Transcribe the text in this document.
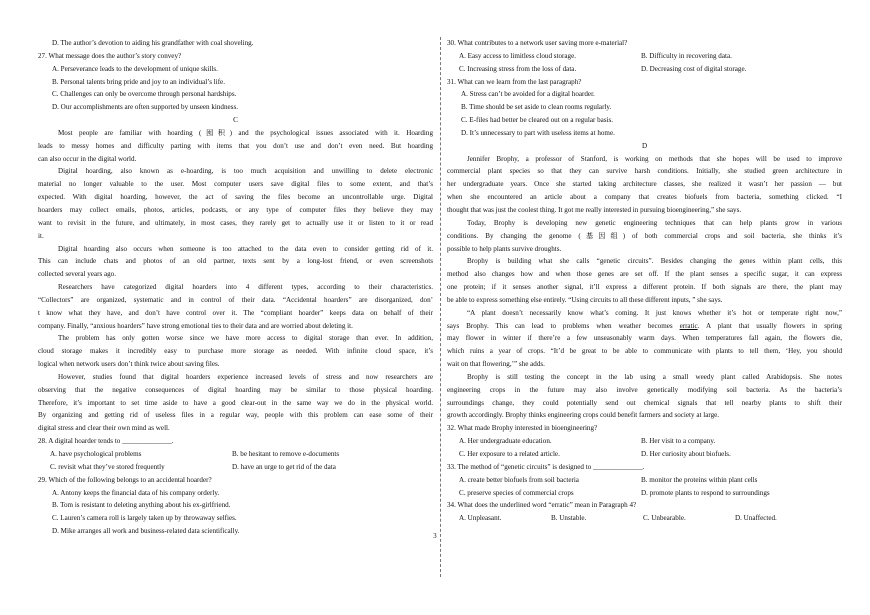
D. The author’s devotion to aiding his grandfather with coal shoveling.
27. What message does the author’s story convey?
A. Perseverance leads to the development of unique skills.
B. Personal talents bring pride and joy to an individual’s life.
C. Challenges can only be overcome through personal hardships.
D. Our accomplishments are often supported by unseen kindness.
C
Most people are familiar with hoarding (囤积) and the psychological issues associated with it. Hoarding
leads to messy homes and difficulty parting with items that you don’t use and don’t even need. But hoarding
can also occur in the digital world.
Digital hoarding, also known as e-hoarding, is too much acquisition and unwilling to delete electronic
material no longer valuable to the user. Most computer users save digital files to some extent, and that’s
expected. With digital hoarding, however, the act of saving the files become an uncontrollable urge. Digital
hoarders may collect emails, photos, articles, podcasts, or any type of computer files they believe they may
want to revisit in the future, and ultimately, in most cases, they rarely get to actually use it or listen to it or read
it.
Digital hoarding also occurs when someone is too attached to the data even to consider getting rid of it.
This can include chats and photos of an old partner, texts sent by a long-lost friend, or even screenshots
collected several years ago.
Researchers have categorized digital hoarders into 4 different types, according to their characteristics.
“Collectors” are organized, systematic and in control of their data. “Accidental hoarders” are disorganized, don’
t know what they have, and don’t have control over it. The “compliant hoarder” keeps data on behalf of their
company. Finally, “anxious hoarders” have strong emotional ties to their data and are worried about deleting it.
The problem has only gotten worse since we have more access to digital storage than ever. In addition,
cloud storage makes it incredibly easy to purchase more storage as needed. With infinite cloud space, it’s
logical when network users don’t think twice about saving files.
However, studies found that digital hoarders experience increased levels of stress and now researchers are
observing that the negative consequences of digital hoarding may be similar to those physical hoarding.
Therefore, it’s important to set time aside to have a good clear-out in the same way we do in the physical world.
By organizing and getting rid of useless files in a regular way, people with this problem can ease some of their
digital stress and clear their own mind as well.
28. A digital hoarder tends to ______________.
A. have psychological problems	B. be hesitant to remove e-documents
C. revisit what they’ve stored frequently	D. have an urge to get rid of the data
29. Which of the following belongs to an accidental hoarder?
A. Antony keeps the financial data of his company orderly.
B. Tom is resistant to deleting anything about his ex-girlfriend.
C. Lauren’s camera roll is largely taken up by throwaway selfies.
D. Mike arranges all work and business-related data scientifically.
30. What contributes to a network user saving more e-material?
A. Easy access to limitless cloud storage.	B. Difficulty in recovering data.
C. Increasing stress from the loss of data.	D. Decreasing cost of digital storage.
31. What can we learn from the last paragraph?
A. Stress can’t be avoided for a digital hoarder.
B. Time should be set aside to clean rooms regularly.
C. E-files had better be cleared out on a regular basis.
D. It’s unnecessary to part with useless items at home.
D
Jennifer Brophy, a professor of Stanford, is working on methods that she hopes will be used to improve
commercial plant species so that they can survive harsh conditions. Initially, she studied green architecture in
her undergraduate years. Once she started taking architecture classes, she realized it wasn’t her passion — but
when she encountered an article about a company that creates biofuels from bacteria, something clicked. “I
thought that was just the coolest thing. It got me really interested in pursuing bioengineering,” she says.
Today, Brophy is developing new genetic engineering techniques that can help plants grow in various
conditions. By changing the genome (基因组) of both commercial crops and soil bacteria, she thinks it’s
possible to help plants survive droughts.
Brophy is building what she calls “genetic circuits”. Besides changing the genes within plant cells, this
method also changes how and when those genes are set off. If the plant senses a specific sugar, it can express
one protein; if it senses another signal, it’ll express a different protein. If both signals are there, the plant may
be able to express something else entirely. “Using circuits to all these different inputs, ” she says.
“A plant doesn’t necessarily know what’s coming. It just knows whether it’s hot or temperate right now,”
says Brophy. This can lead to problems when weather becomes erratic. A plant that usually flowers in spring
may flower in winter if there’re a few unseasonably warm days. When temperatures fall again, the flowers die,
which ruins a year of crops. “It’d be great to be able to communicate with plants to tell them, ‘Hey, you should
wait on that flowering,’” she adds.
Brophy is still testing the concept in the lab using a small weedy plant called Arabidopsis. She notes
engineering crops in the future may also involve genetically modifying soil bacteria. As the bacteria’s
surroundings change, they could potentially send out chemical signals that tell nearby plants to shift their
growth accordingly. Brophy thinks engineering crops could benefit farmers and society at large.
32. What made Brophy interested in bioengineering?
A. Her undergraduate education.	B. Her visit to a company.
C. Her exposure to a related article.	D. Her curiosity about biofuels.
33. The method of “genetic circuits” is designed to ______________.
A. create better biofuels from soil bacteria	B. monitor the proteins within plant cells
C. preserve species of commercial crops	D. promote plants to respond to surroundings
34. What does the underlined word “erratic” mean in Paragraph 4?
A. Unpleasant.	B. Unstable.	C. Unbearable.	D. Unaffected.
3
